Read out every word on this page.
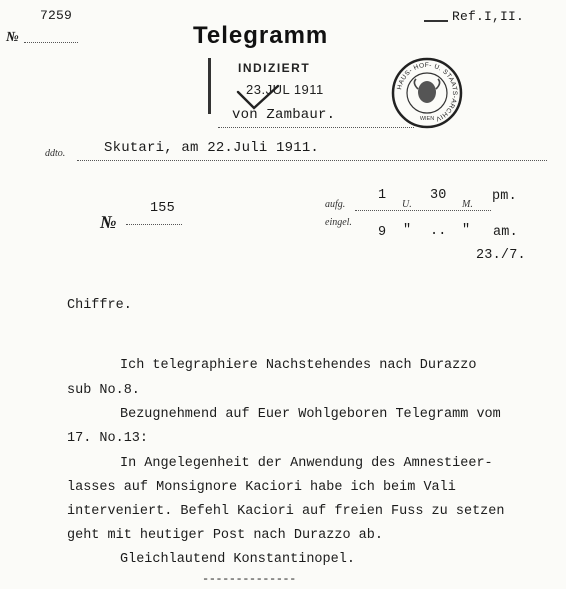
№
7259
Telegramm
Ref.I,II.
INDIZIERT
23.JUL 1911
von Zambaur.
HAUS- HOF- U. STAATS-ARCHIV
WIEN
ddto.	Skutari, am 22.Juli 1911.
№
155	aufg.
1
U.
30
M.
pm.
eingel.
9 " .. " am.
23./7.
Chiffre.
Ich telegraphiere Nachstehendes nach Durazzo
sub No.8.
Bezugnehmend auf Euer Wohlgeboren Telegramm vom
17. No.13:
In Angelegenheit der Anwendung des Amnestieer-
lasses auf Monsignore Kaciori habe ich beim Vali
interveniert. Befehl Kaciori auf freien Fuss zu setzen
geht mit heutiger Post nach Durazzo ab.
Gleichlautend Konstantinopel.
--------------
